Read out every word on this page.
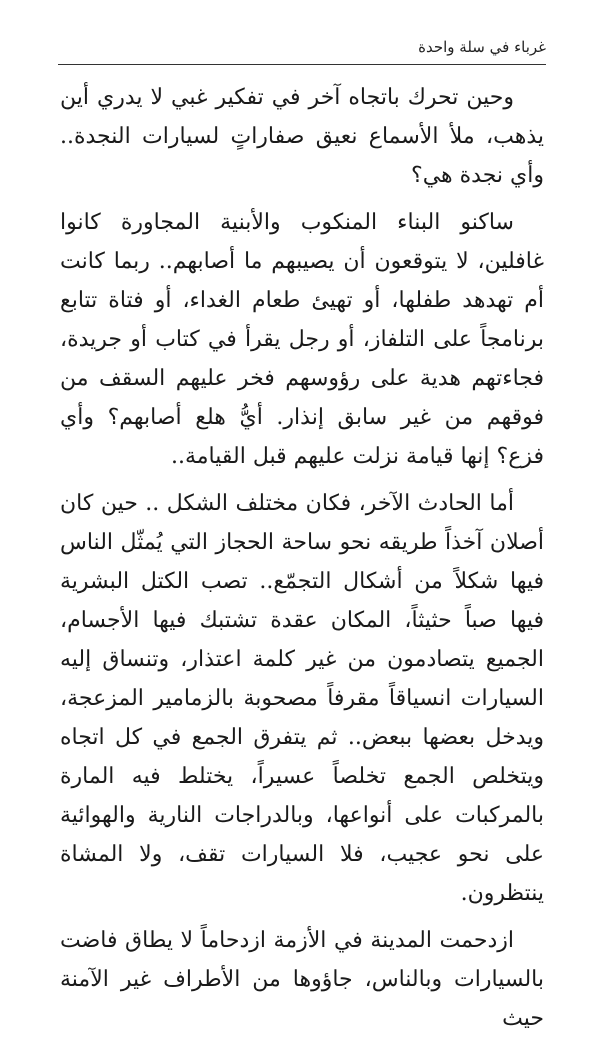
غرباء في سلة واحدة

وحين تحرك باتجاه آخر في تفكير غبي لا يدري أين يذهب، ملأ الأسماع نعيق صفاراتٍ لسيارات النجدة.. وأي نجدة هي؟

ساكنو البناء المنكوب والأبنية المجاورة كانوا غافلين، لا يتوقعون أن يصيبهم ما أصابهم.. ربما كانت أم تهدهد طفلها، أو تهيئ طعام الغداء، أو فتاة تتابع برنامجاً على التلفاز، أو رجل يقرأ في كتاب أو جريدة، فجاءتهم هدية على رؤوسهم فخر عليهم السقف من فوقهم من غير سابق إنذار. أيُّ هلع أصابهم؟ وأي فزع؟ إنها قيامة نزلت عليهم قبل القيامة..

أما الحادث الآخر، فكان مختلف الشكل .. حين كان أصلان آخذاً طريقه نحو ساحة الحجاز التي يُمثّل الناس فيها شكلاً من أشكال التجمّع.. تصب الكتل البشرية فيها صباً حثيثاً، المكان عقدة تشتبك فيها الأجسام، الجميع يتصادمون من غير كلمة اعتذار، وتنساق إليه السيارات انسياقاً مقرفاً مصحوبة بالزمامير المزعجة، ويدخل بعضها ببعض.. ثم يتفرق الجمع في كل اتجاه ويتخلص الجمع تخلصاً عسيراً، يختلط فيه المارة بالمركبات على أنواعها، وبالدراجات النارية والهوائية على نحو عجيب، فلا السيارات تقف، ولا المشاة ينتظرون.

ازدحمت المدينة في الأزمة ازدحاماً لا يطاق فاضت بالسيارات وبالناس، جاؤوها من الأطراف غير الآمنة حيث
